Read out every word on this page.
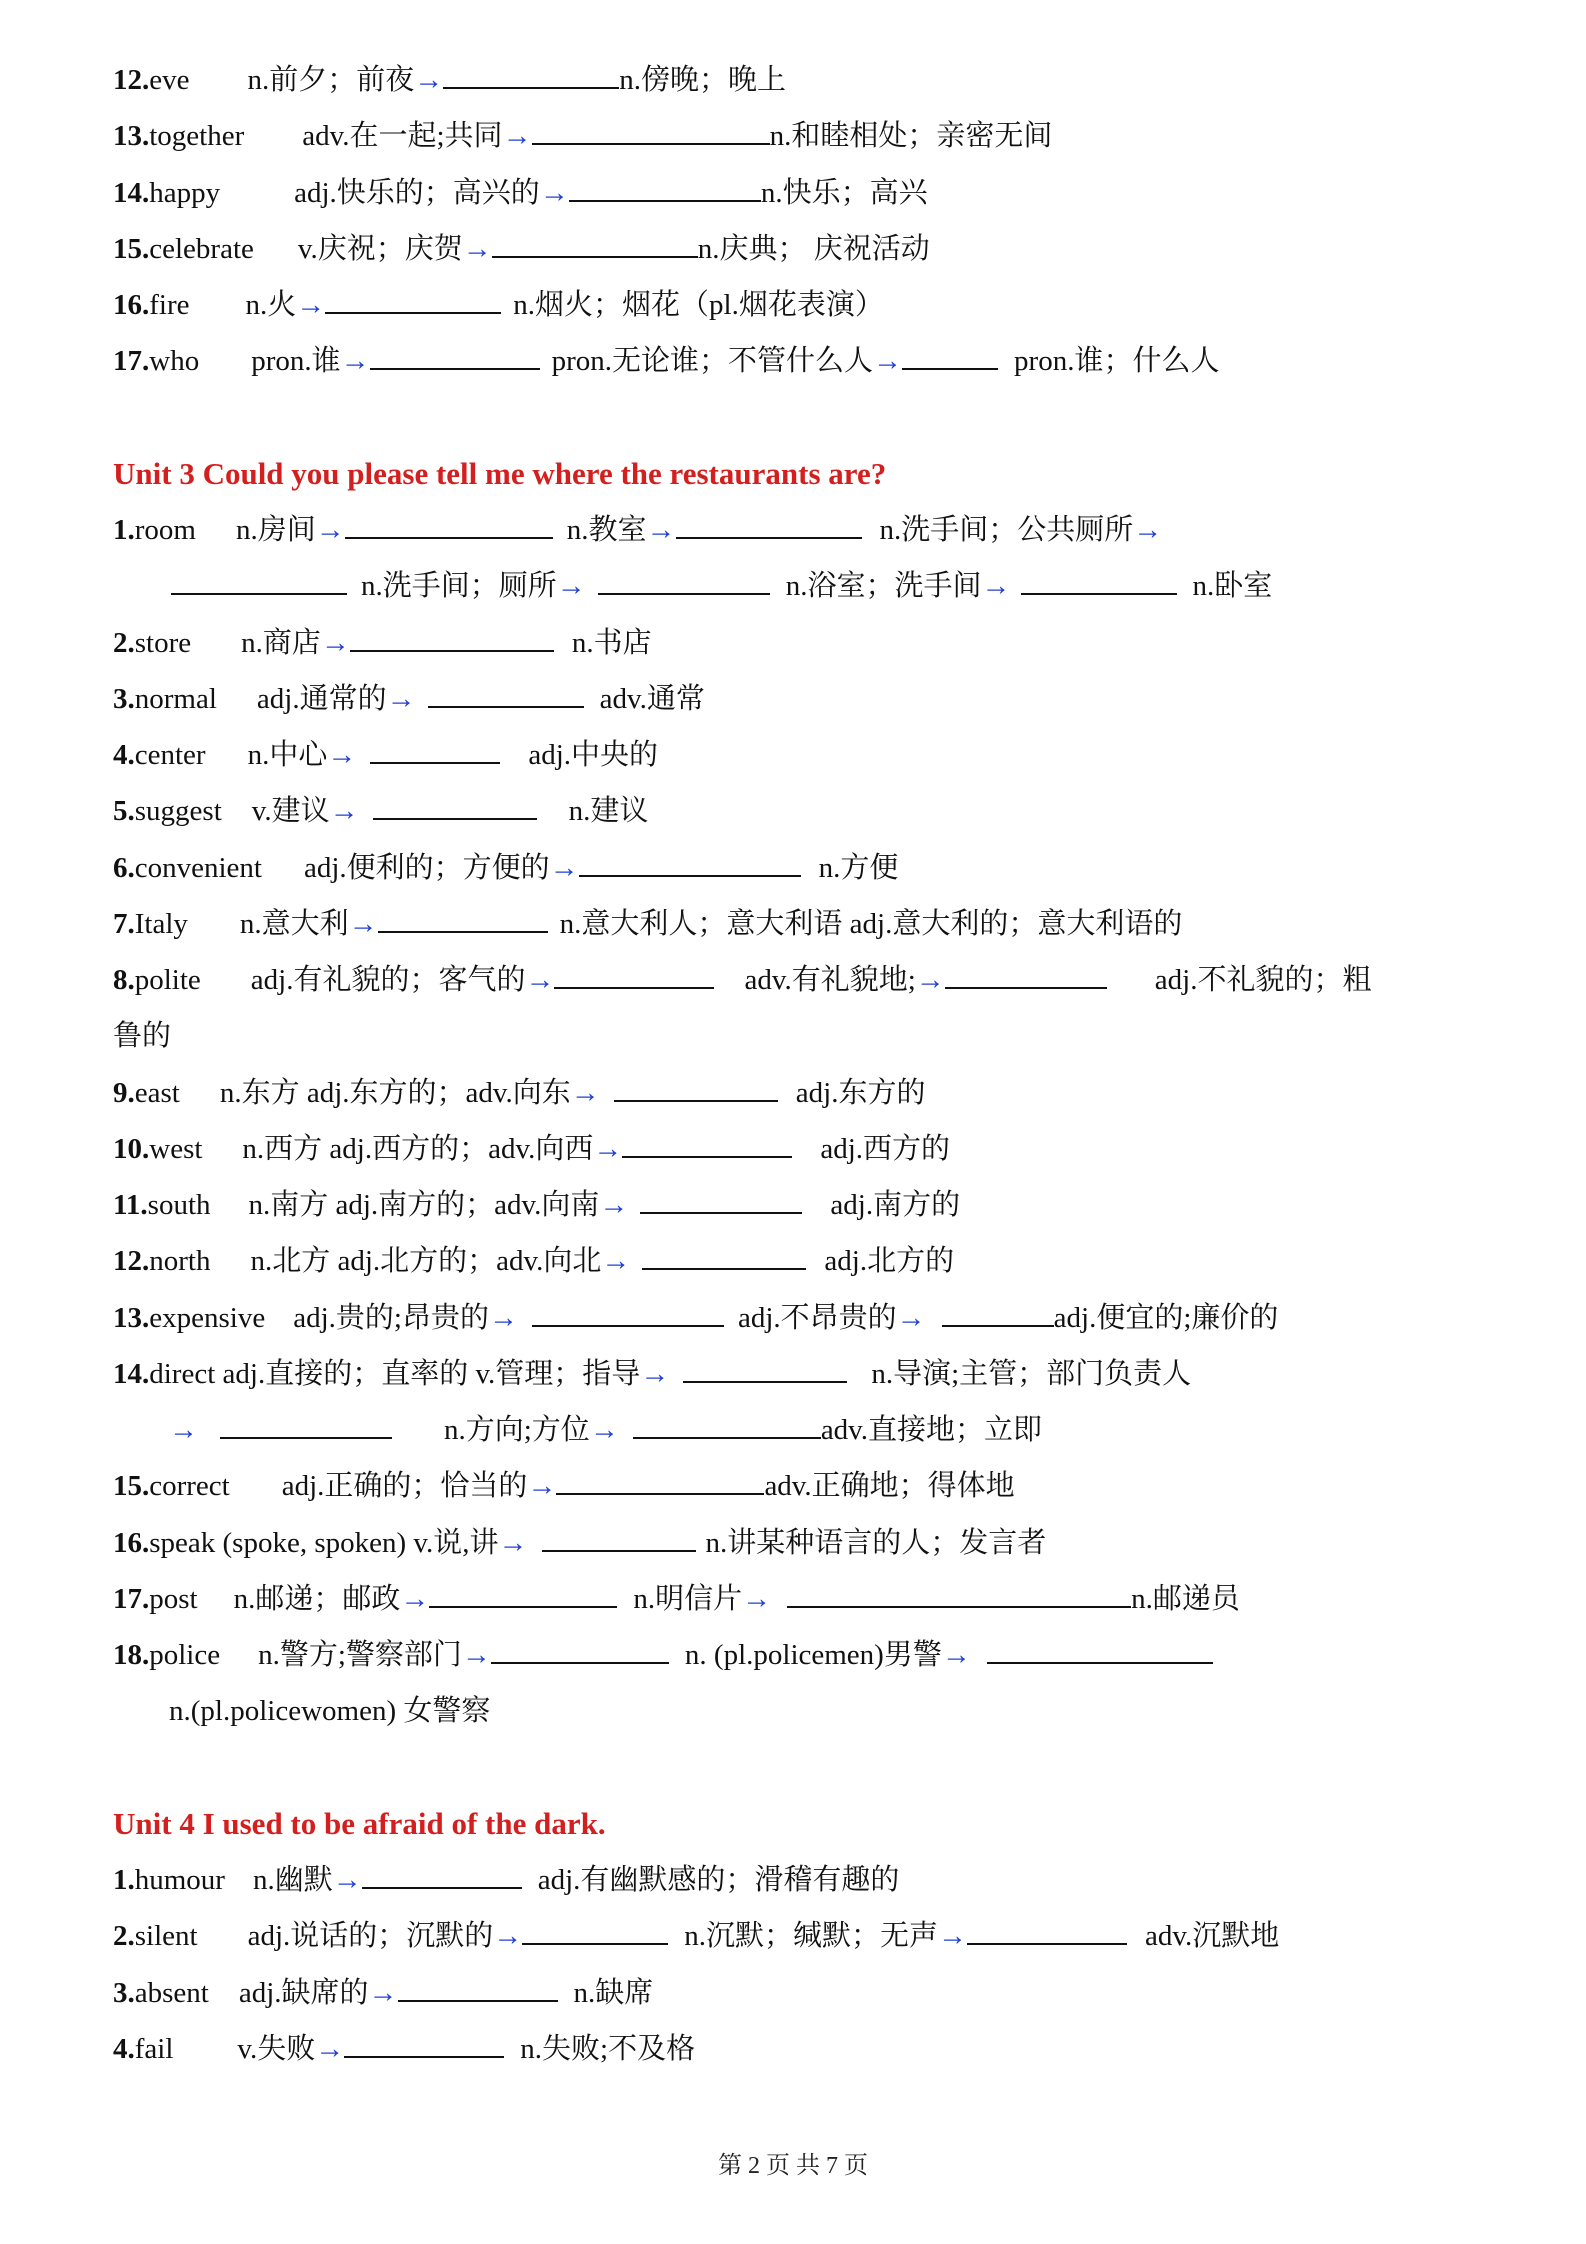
12.eve n.前夕；前夜→	n.傍晚；晚上
13.together adv.在一起;共同→	n.和睦相处；亲密无间
14.happy	adj.快乐的；高兴的→	n.快乐；高兴
15.celebrate v.庆祝；庆贺→	n.庆典； 庆祝活动
16.fire n.火→	n.烟火；烟花（pl.烟花表演）
17.who pron.谁→	pron.无论谁；不管什么人→	pron.谁；什么人
Unit 3 Could you please tell me where the restaurants are?
1.room n.房间→	n.教室→	n.洗手间；公共厕所→
n.洗手间；厕所→	n.浴室；洗手间→	n.卧室
2.store n.商店→	n.书店
3.normal adj.通常的→	adv.通常
4.center n.中心→	adj.中央的
5.suggest v.建议→	n.建议
6.convenient adj.便利的；方便的→	n.方便
7.Italy n.意大利→	n.意大利人；意大利语 adj.意大利的；意大利语的
8.polite adj.有礼貌的；客气的→	adv.有礼貌地;→	adj.不礼貌的；粗
鲁的
9.east n.东方 adj.东方的；adv.向东→	adj.东方的
10.west n.西方 adj.西方的；adv.向西→	adj.西方的
11.south n.南方 adj.南方的；adv.向南→	adj.南方的
12.north n.北方 adj.北方的；adv.向北→	adj.北方的
13.expensive adj.贵的;昂贵的→	adj.不昂贵的→	adj.便宜的;廉价的
14.direct adj.直接的；直率的 v.管理；指导→	n.导演;主管；部门负责人
→	n.方向;方位→	adv.直接地；立即
15.correct adj.正确的；恰当的→	adv.正确地；得体地
16.speak (spoke, spoken) v.说,讲→	n.讲某种语言的人；发言者
17.post n.邮递；邮政→	n.明信片→	n.邮递员
18.police n.警方;警察部门→	n. (pl.policemen)男警→
n.(pl.policewomen) 女警察
Unit 4 I used to be afraid of the dark.
1.humour n.幽默→	adj.有幽默感的；滑稽有趣的
2.silent adj.说话的；沉默的→	n.沉默；缄默；无声→	adv.沉默地
3.absent adj.缺席的→	n.缺席
4.fail v.失败→	n.失败;不及格
第 2 页 共 7 页
